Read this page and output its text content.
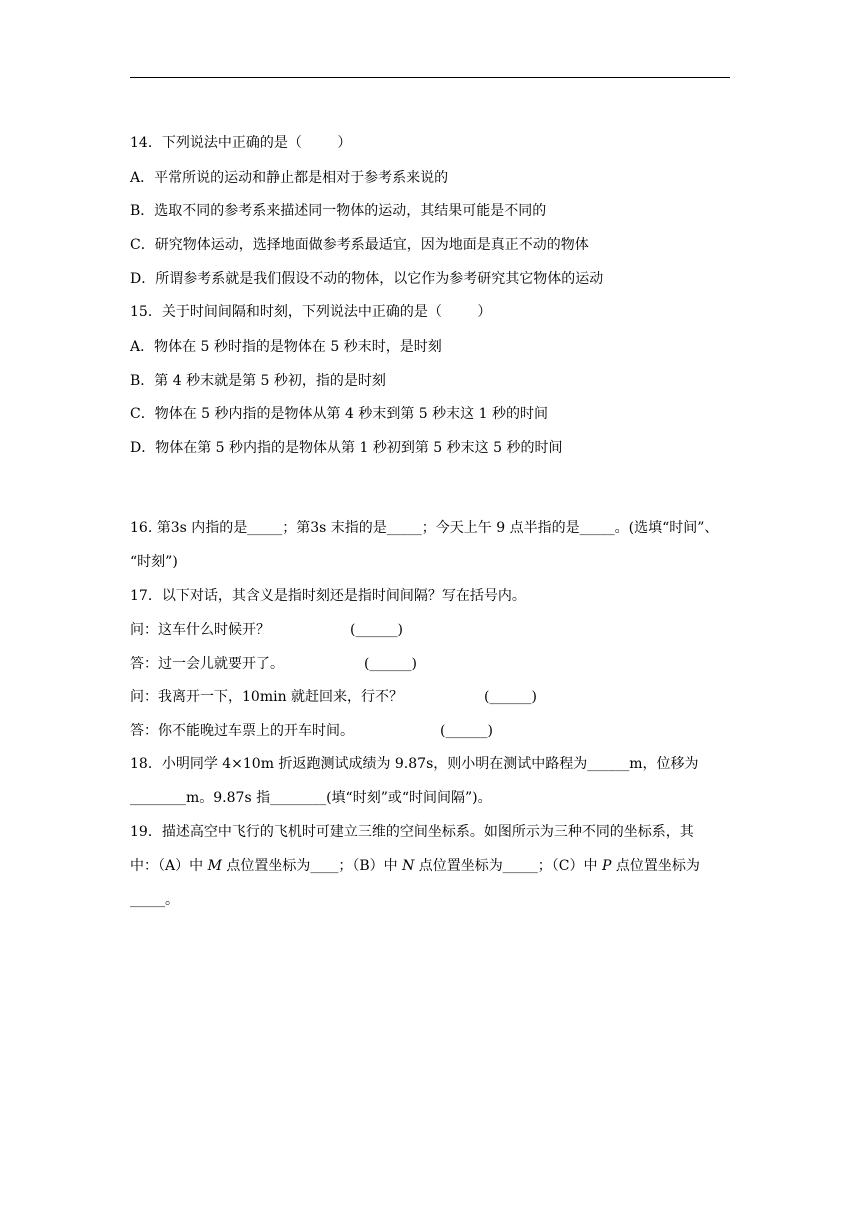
14．下列说法中正确的是（        ）
A．平常所说的运动和静止都是相对于参考系来说的
B．选取不同的参考系来描述同一物体的运动，其结果可能是不同的
C．研究物体运动，选择地面做参考系最适宜，因为地面是真正不动的物体
D．所谓参考系就是我们假设不动的物体，以它作为参考研究其它物体的运动
15．关于时间间隔和时刻，下列说法中正确的是（        ）
A．物体在 5 秒时指的是物体在 5 秒末时，是时刻
B．第 4 秒末就是第 5 秒初，指的是时刻
C．物体在 5 秒内指的是物体从第 4 秒末到第 5 秒末这 1 秒的时间
D．物体在第 5 秒内指的是物体从第 1 秒初到第 5 秒末这 5 秒的时间
16. 第3s 内指的是_____；第3s 末指的是_____；今天上午 9 点半指的是_____。(选填“时间”、
“时刻”)
17．以下对话，其含义是指时刻还是指时间间隔？写在括号内。
问：这车什么时候开？	(______)
答：过一会儿就要开了。	(______)
问：我离开一下，10min 就赶回来，行不？	(______)
答：你不能晚过车票上的开车时间。	(______)
18．小明同学 4×10m 折返跑测试成绩为 9.87s，则小明在测试中路程为______m，位移为
________m。9.87s 指________(填“时刻”或“时间间隔”)。
19．描述高空中飞行的飞机时可建立三维的空间坐标系。如图所示为三种不同的坐标系，其
中：（A）中 M 点位置坐标为____；（B）中 N 点位置坐标为_____；（C）中 P 点位置坐标为
_____。
